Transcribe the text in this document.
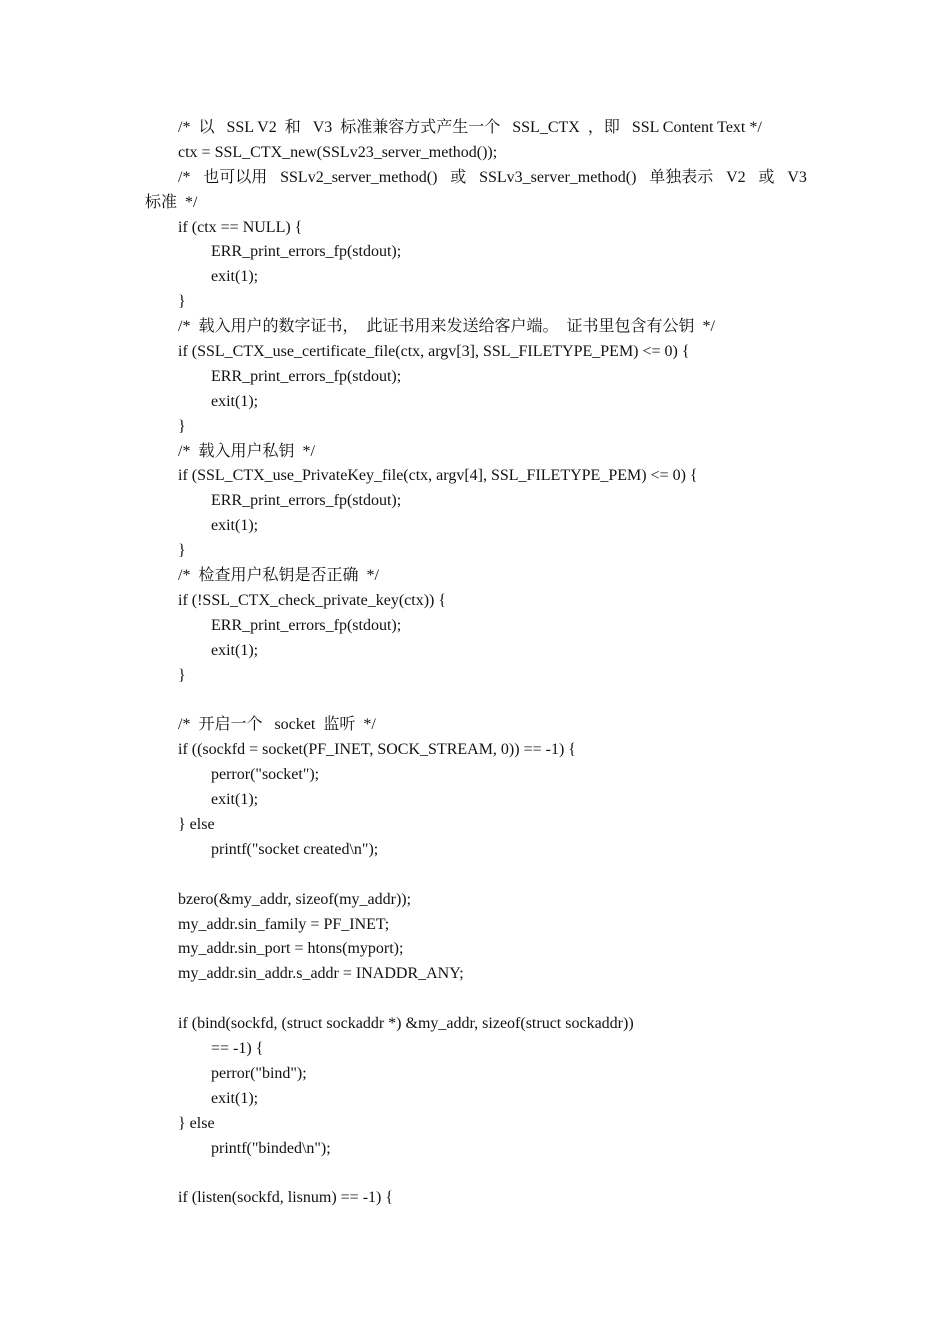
/*  以   SSL V2  和   V3  标准兼容方式产生一个   SSL_CTX  ，即   SSL Content Text */
ctx = SSL_CTX_new(SSLv23_server_method());
/* 也可以用 SSLv2_server_method() 或 SSLv3_server_method() 单独表示 V2 或 V3
标准  */
if (ctx == NULL) {
ERR_print_errors_fp(stdout);
exit(1);
}
/*  载入用户的数字证书，  此证书用来发送给客户端。  证书里包含有公钥  */
if (SSL_CTX_use_certificate_file(ctx, argv[3], SSL_FILETYPE_PEM) <= 0) {
ERR_print_errors_fp(stdout);
exit(1);
}
/*  载入用户私钥  */
if (SSL_CTX_use_PrivateKey_file(ctx, argv[4], SSL_FILETYPE_PEM) <= 0) {
ERR_print_errors_fp(stdout);
exit(1);
}
/*  检查用户私钥是否正确  */
if (!SSL_CTX_check_private_key(ctx)) {
ERR_print_errors_fp(stdout);
exit(1);
}
/*  开启一个   socket  监听  */
if ((sockfd = socket(PF_INET, SOCK_STREAM, 0)) == -1) {
perror("socket");
exit(1);
} else
printf("socket created\n");
bzero(&my_addr, sizeof(my_addr));
my_addr.sin_family = PF_INET;
my_addr.sin_port = htons(myport);
my_addr.sin_addr.s_addr = INADDR_ANY;
if (bind(sockfd, (struct sockaddr *) &my_addr, sizeof(struct sockaddr))
== -1) {
perror("bind");
exit(1);
} else
printf("binded\n");
if (listen(sockfd, lisnum) == -1) {
